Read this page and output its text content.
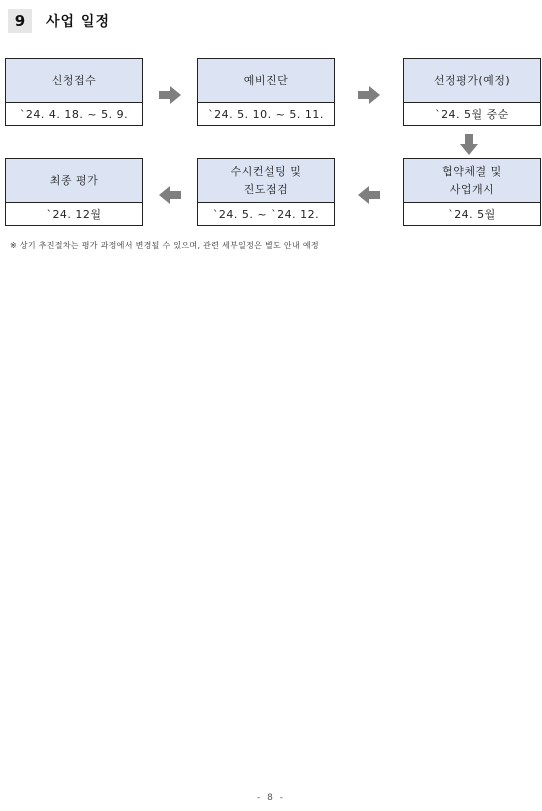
9	사업 일정
신청접수
`24. 4. 18. ~ 5. 9.
예비진단
`24. 5. 10. ~ 5. 11.
선정평가(예정)
`24. 5월 중순
최종 평가
`24. 12월
수시컨설팅 및
진도점검
`24. 5. ~ `24. 12.
협약체결 및
사업개시
`24. 5월
※ 상기 추진절차는 평가 과정에서 변경될 수 있으며, 관련 세부일정은 별도 안내 예정
- 8 -
